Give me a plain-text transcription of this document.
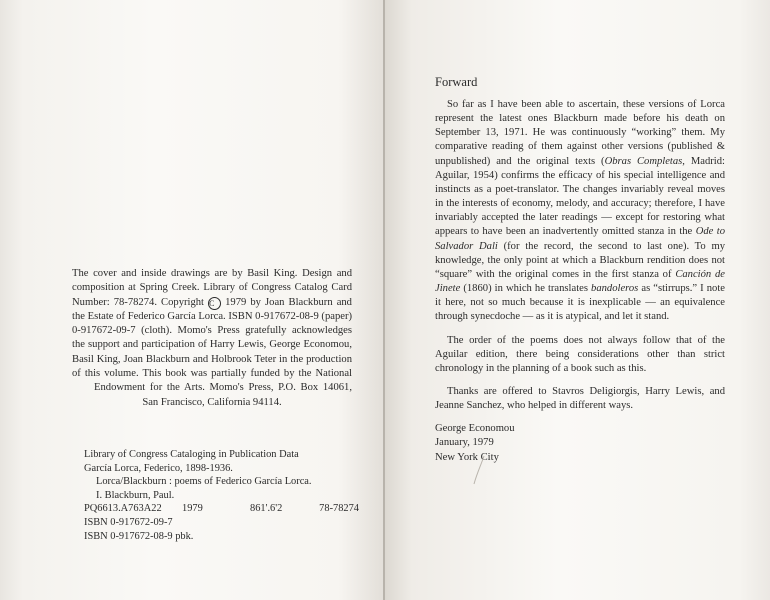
The cover and inside drawings are by Basil King. Design and
composition at Spring Creek. Library of Congress Catalog Card
Number: 78-78274. Copyright C 1979 by Joan Blackburn and
the Estate of Federico García Lorca. ISBN 0-917672-08-9 (paper)
0-917672-09-7 (cloth). Momo's Press gratefully acknowledges
the support and participation of Harry Lewis, George Economou,
Basil King, Joan Blackburn and Holbrook Teter in the production
of this volume. This book was partially funded by the National
Endowment for the Arts. Momo's Press, P.O. Box 14061,
San Francisco, California 94114.
Library of Congress Cataloging in Publication Data
García Lorca, Federico, 1898-1936.
Lorca/Blackburn : poems of Federico García Lorca.
I. Blackburn, Paul.
PQ6613.A763A22	1979	861'.6'2	78-78274
ISBN 0-917672-09-7
ISBN 0-917672-08-9 pbk.
Forward

So far as I have been able to ascertain, these versions of Lorca represent the latest ones Blackburn made before his death on September 13, 1971. He was continuously “working” them. My comparative reading of them against other versions (published & unpublished) and the original texts (Obras Completas, Madrid: Aguilar, 1954) confirms the efficacy of his special intelligence and instincts as a poet-translator. The changes invariably reveal moves in the interests of economy, melody, and accuracy; therefore, I have invariably accepted the later readings — except for restoring what appears to have been an inadvertently omitted stanza in the Ode to Salvador Dali (for the record, the second to last one). To my knowledge, the only point at which a Blackburn rendition does not “square” with the original comes in the first stanza of Canción de Jinete (1860) in which he translates bandoleros as “stirrups.” I note it here, not so much because it is inexplicable — an equivalence through synecdoche — as it is atypical, and let it stand.

The order of the poems does not always follow that of the Aguilar edition, there being considerations other than strict chronology in the planning of a book such as this.

Thanks are offered to Stavros Deligiorgis, Harry Lewis, and Jeanne Sanchez, who helped in different ways.

George Economou
January, 1979
New York City
